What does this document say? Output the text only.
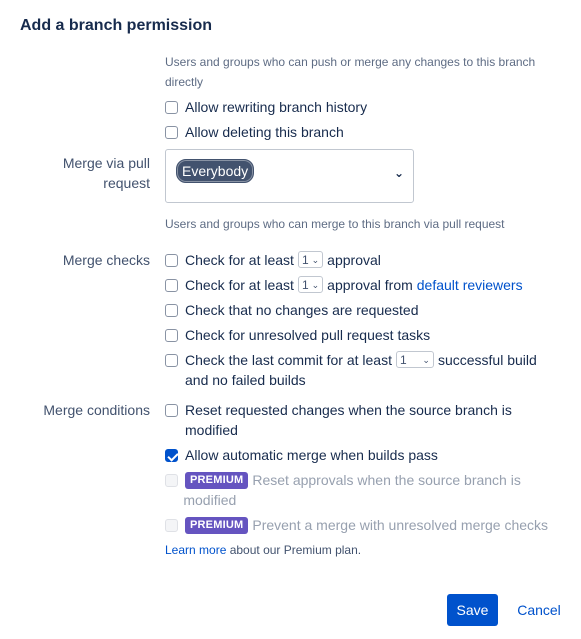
Add a branch permission
Users and groups who can push or merge any changes to this branch directly
Allow rewriting branch history
Allow deleting this branch
Merge via pull request
Everybody	⌄
Users and groups who can merge to this branch via pull request
Merge checks	Check for at least 1 ⌄ approval
Check for at least 1 ⌄ approval from default reviewers
Check that no changes are requested
Check for unresolved pull request tasks
Check the last commit for at least 1 ⌄ successful build
and no failed builds
Merge conditions	Reset requested changes when the source branch is
modified
Allow automatic merge when builds pass
PREMIUM Reset approvals when the source branch is
modified
PREMIUM Prevent a merge with unresolved merge checks
Learn more about our Premium plan.
Save	Cancel
